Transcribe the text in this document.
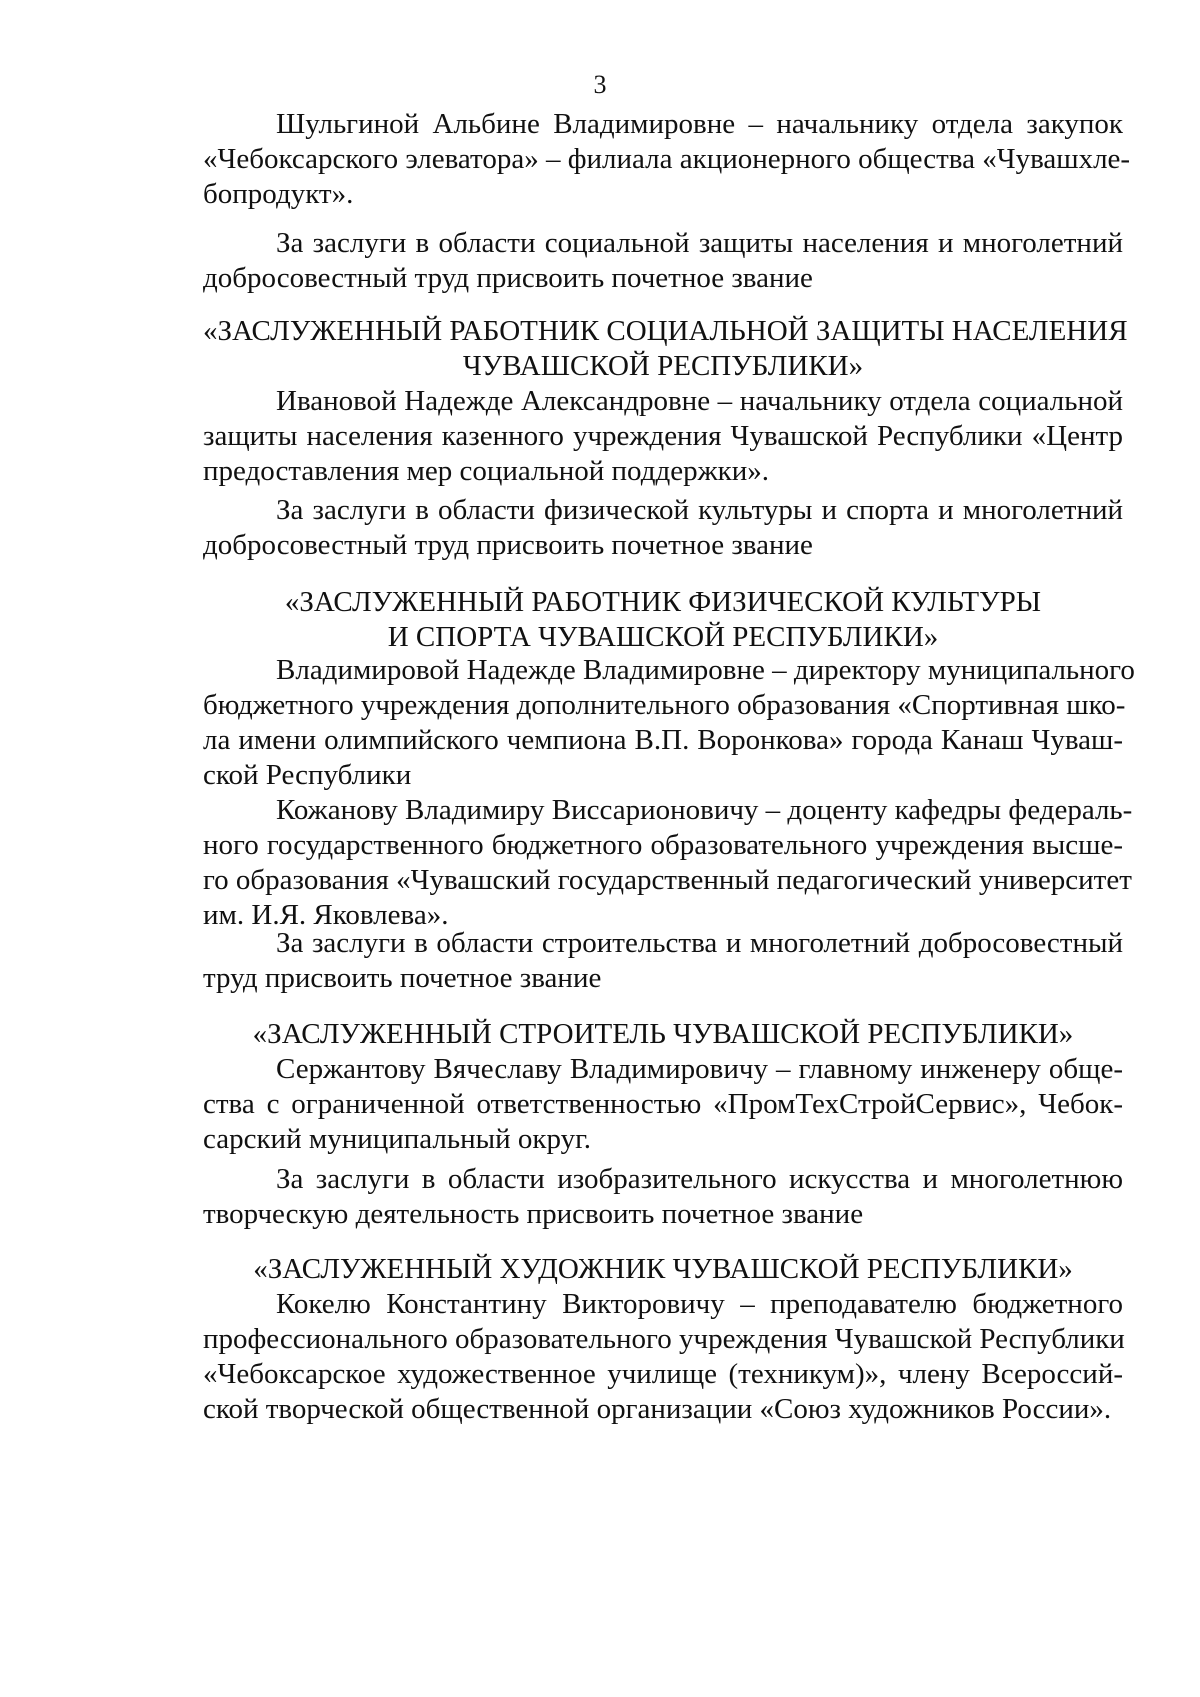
3
Шульгиной Альбине Владимировне – начальнику отдела закупок
«Чебоксарского элеватора» – филиала акционерного общества «Чувашхле-
бопродукт».
За заслуги в области социальной защиты населения и многолетний
добросовестный труд присвоить почетное звание
«ЗАСЛУЖЕННЫЙ РАБОТНИК СОЦИАЛЬНОЙ ЗАЩИТЫ НАСЕЛЕНИЯ
ЧУВАШСКОЙ РЕСПУБЛИКИ»
Ивановой Надежде Александровне – начальнику отдела социальной
защиты населения казенного учреждения Чувашской Республики «Центр
предоставления мер социальной поддержки».
За заслуги в области физической культуры и спорта и многолетний
добросовестный труд присвоить почетное звание
«ЗАСЛУЖЕННЫЙ РАБОТНИК ФИЗИЧЕСКОЙ КУЛЬТУРЫ
И СПОРТА ЧУВАШСКОЙ РЕСПУБЛИКИ»
Владимировой Надежде Владимировне – директору муниципального
бюджетного учреждения дополнительного образования «Спортивная шко-
ла имени олимпийского чемпиона В.П. Воронкова» города Канаш Чуваш-
ской Республики
Кожанову Владимиру Виссарионовичу – доценту кафедры федераль-
ного государственного бюджетного образовательного учреждения высше-
го образования «Чувашский государственный педагогический университет
им. И.Я. Яковлева».
За заслуги в области строительства и многолетний добросовестный
труд присвоить почетное звание
«ЗАСЛУЖЕННЫЙ СТРОИТЕЛЬ ЧУВАШСКОЙ РЕСПУБЛИКИ»
Сержантову Вячеславу Владимировичу – главному инженеру обще-
ства с ограниченной ответственностью «ПромТехСтройСервис», Чебок-
сарский муниципальный округ.
За заслуги в области изобразительного искусства и многолетнюю
творческую деятельность присвоить почетное звание
«ЗАСЛУЖЕННЫЙ ХУДОЖНИК ЧУВАШСКОЙ РЕСПУБЛИКИ»
Кокелю Константину Викторовичу – преподавателю бюджетного
профессионального образовательного учреждения Чувашской Республики
«Чебоксарское художественное училище (техникум)», члену Всероссий-
ской творческой общественной организации «Союз художников России».
